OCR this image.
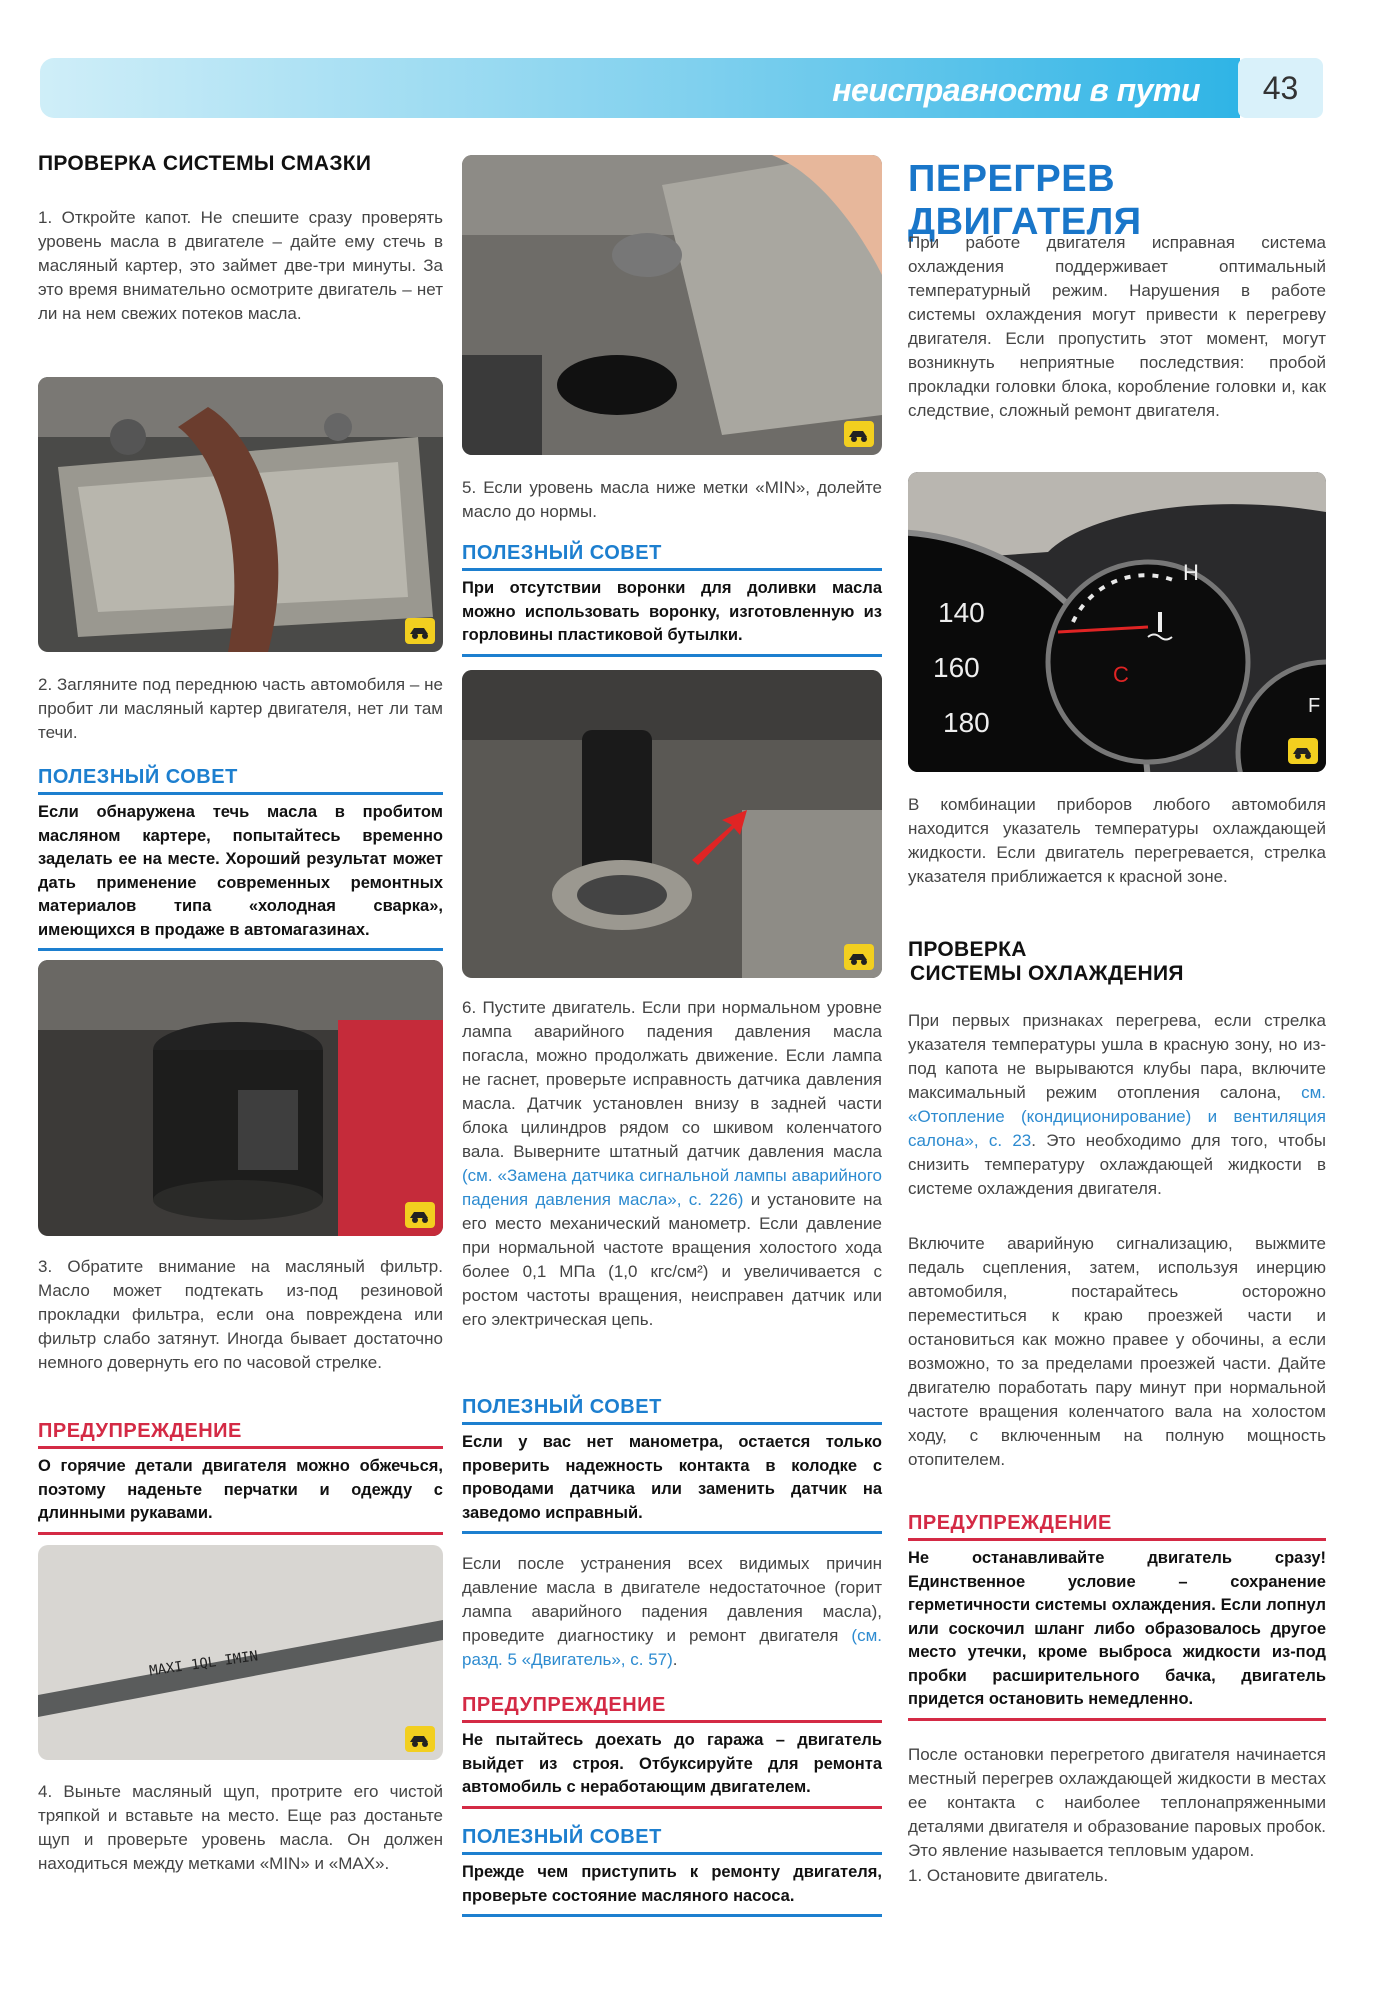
неисправности в пути	43
ПРОВЕРКА СИСТЕМЫ СМАЗКИ

1. Откройте капот. Не спешите сразу проверять уровень масла в двигателе – дайте ему стечь в масляный картер, это займет две-три минуты. За это время внимательно осмотрите двигатель – нет ли на нем свежих потеков масла.

2. Загляните под переднюю часть автомобиля – не пробит ли масляный картер двигателя, нет ли там течи.

ПОЛЕЗНЫЙ СОВЕТ
Если обнаружена течь масла в пробитом масляном картере, попытайтесь временно заделать ее на месте. Хороший результат может дать применение современных ремонтных материалов типа «холодная сварка», имеющихся в продаже в автомагазинах.

3. Обратите внимание на масляный фильтр. Масло может подтекать из-под резиновой прокладки фильтра, если она повреждена или фильтр слабо затянут. Иногда бывает достаточно немного довернуть его по часовой стрелке.

ПРЕДУПРЕЖДЕНИЕ
О горячие детали двигателя можно обжечься, поэтому наденьте перчатки и одежду с длинными рукавами.
MAXI 1QL IMIN

4. Выньте масляный щуп, протрите его чистой тряпкой и вставьте на место. Еще раз достаньте щуп и проверьте уровень масла. Он должен находиться между метками «MIN» и «MAX».

5. Если уровень масла ниже метки «MIN», долейте масло до нормы.

ПОЛЕЗНЫЙ СОВЕТ
При отсутствии воронки для доливки масла можно использовать воронку, изготовленную из горловины пластиковой бутылки.

6. Пустите двигатель. Если при нормальном уровне лампа аварийного падения давления масла погасла, можно продолжать движение. Если лампа не гаснет, проверьте исправность датчика давления масла. Датчик установлен внизу в задней части блока цилиндров рядом со шкивом коленчатого вала. Выверните штатный датчик давления масла (см. «Замена датчика сигнальной лампы аварийного падения давления масла», с. 226) и установите на его место механический манометр. Если давление при нормальной частоте вращения холостого хода более 0,1 МПа (1,0 кгс/см²) и увеличивается с ростом частоты вращения, неисправен датчик или его электрическая цепь.

ПОЛЕЗНЫЙ СОВЕТ
Если у вас нет манометра, остается только проверить надежность контакта в колодке с проводами датчика или заменить датчик на заведомо исправный.

Если после устранения всех видимых причин давление масла в двигателе недостаточное (горит лампа аварийного падения давления масла), проведите диагностику и ремонт двигателя (см. разд. 5 «Двигатель», с. 57).

ПРЕДУПРЕЖДЕНИЕ
Не пытайтесь доехать до гаража – двигатель выйдет из строя. Отбуксируйте для ремонта автомобиль с неработающим двигателем.
ПОЛЕЗНЫЙ СОВЕТ
Прежде чем приступить к ремонту двигателя, проверьте состояние масляного насоса.
ПЕРЕГРЕВ ДВИГАТЕЛЯ

При работе двигателя исправная система охлаждения поддерживает оптимальный температурный режим. Нарушения в работе системы охлаждения могут привести к перегреву двигателя. Если пропустить этот момент, могут возникнуть неприятные последствия: пробой прокладки головки блока, коробление головки и, как следствие, сложный ремонт двигателя.

140
160
180
H
C
F

В комбинации приборов любого автомобиля находится указатель температуры охлаждающей жидкости. Если двигатель перегревается, стрелка указателя приближается к красной зоне.

ПРОВЕРКА
СИСТЕМЫ ОХЛАЖДЕНИЯ

При первых признаках перегрева, если стрелка указателя температуры ушла в красную зону, но из-под капота не вырываются клубы пара, включите максимальный режим отопления салона, см. «Отопление (кондиционирование) и вентиляция салона», с. 23. Это необходимо для того, чтобы снизить температуру охлаждающей жидкости в системе охлаждения двигателя.

Включите аварийную сигнализацию, выжмите педаль сцепления, затем, используя инерцию автомобиля, постарайтесь осторожно переместиться к краю проезжей части и остановиться как можно правее у обочины, а если возможно, то за пределами проезжей части. Дайте двигателю поработать пару минут при нормальной частоте вращения коленчатого вала на холостом ходу, с включенным на полную мощность отопителем.

ПРЕДУПРЕЖДЕНИЕ
Не останавливайте двигатель сразу! Единственное условие – сохранение герметичности системы охлаждения. Если лопнул или соскочил шланг либо образовалось другое место утечки, кроме выброса жидкости из-под пробки расширительного бачка, двигатель придется остановить немедленно.

После остановки перегретого двигателя начинается местный перегрев охлаждающей жидкости в местах ее контакта с наиболее теплонапряженными деталями двигателя и образование паровых пробок. Это явление называется тепловым ударом.

1. Остановите двигатель.
